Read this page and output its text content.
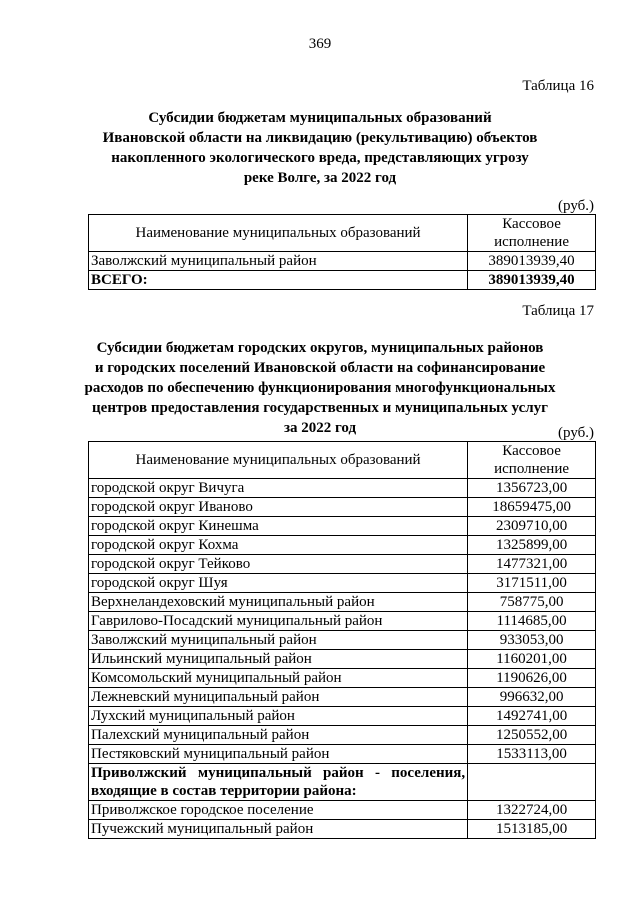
369
Таблица 16
Субсидии бюджетам муниципальных образований
Ивановской области на ликвидацию (рекультивацию) объектов
накопленного экологического вреда, представляющих угрозу
реке Волге, за 2022 год
(руб.)
Наименование муниципальных образований	Кассовое исполнение
Заволжский муниципальный район	389013939,40
ВСЕГО:	389013939,40
Таблица 17
Субсидии бюджетам городских округов, муниципальных районов
и городских поселений Ивановской области на софинансирование
расходов по обеспечению функционирования многофункциональных
центров предоставления государственных и муниципальных услуг
за 2022 год	(руб.)
Наименование муниципальных образований	Кассовое исполнение
городской округ Вичуга	1356723,00
городской округ Иваново	18659475,00
городской округ Кинешма	2309710,00
городской округ Кохма	1325899,00
городской округ Тейково	1477321,00
городской округ Шуя	3171511,00
Верхнеландеховский муниципальный район	758775,00
Гаврилово-Посадский муниципальный район	1114685,00
Заволжский муниципальный район	933053,00
Ильинский муниципальный район	1160201,00
Комсомольский муниципальный район	1190626,00
Лежневский муниципальный район	996632,00
Лухский муниципальный район	1492741,00
Палехский муниципальный район	1250552,00
Пестяковский муниципальный район	1533113,00
Приволжский муниципальный район - поселения, входящие в состав территории района:	
Приволжское городское поселение	1322724,00
Пучежский муниципальный район	1513185,00
